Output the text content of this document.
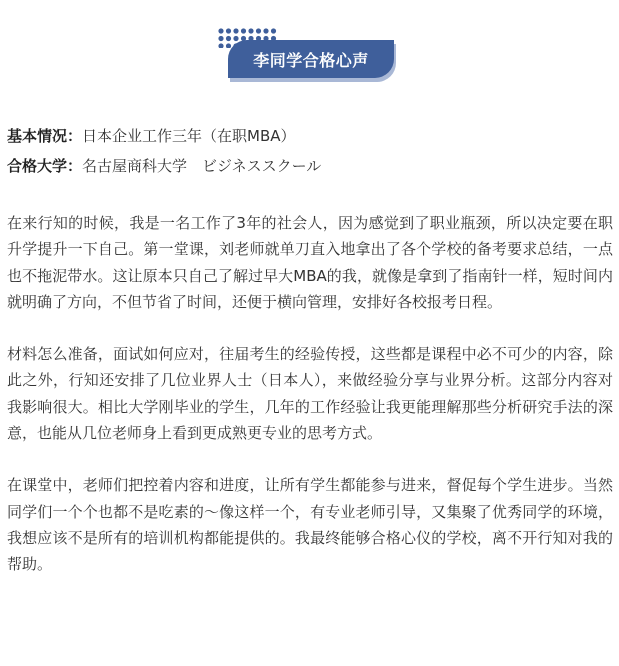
李同学合格心声

基本情况：日本企业工作三年（在职MBA）

合格大学：名古屋商科大学　ビジネススクール

在来行知的时候，我是一名工作了3年的社会人，因为感觉到了职业瓶颈，所以决定要在职升学提升一下自己。第一堂课，刘老师就单刀直入地拿出了各个学校的备考要求总结，一点也不拖泥带水。这让原本只自己了解过早大MBA的我，就像是拿到了指南针一样，短时间内就明确了方向，不但节省了时间，还便于横向管理，安排好各校报考日程。

材料怎么准备，面试如何应对，往届考生的经验传授，这些都是课程中必不可少的内容，除此之外，行知还安排了几位业界人士（日本人），来做经验分享与业界分析。这部分内容对我影响很大。相比大学刚毕业的学生，几年的工作经验让我更能理解那些分析研究手法的深意，也能从几位老师身上看到更成熟更专业的思考方式。

在课堂中，老师们把控着内容和进度，让所有学生都能参与进来，督促每个学生进步。当然同学们一个个也都不是吃素的～像这样一个，有专业老师引导，又集聚了优秀同学的环境，我想应该不是所有的培训机构都能提供的。我最终能够合格心仪的学校，离不开行知对我的帮助。
